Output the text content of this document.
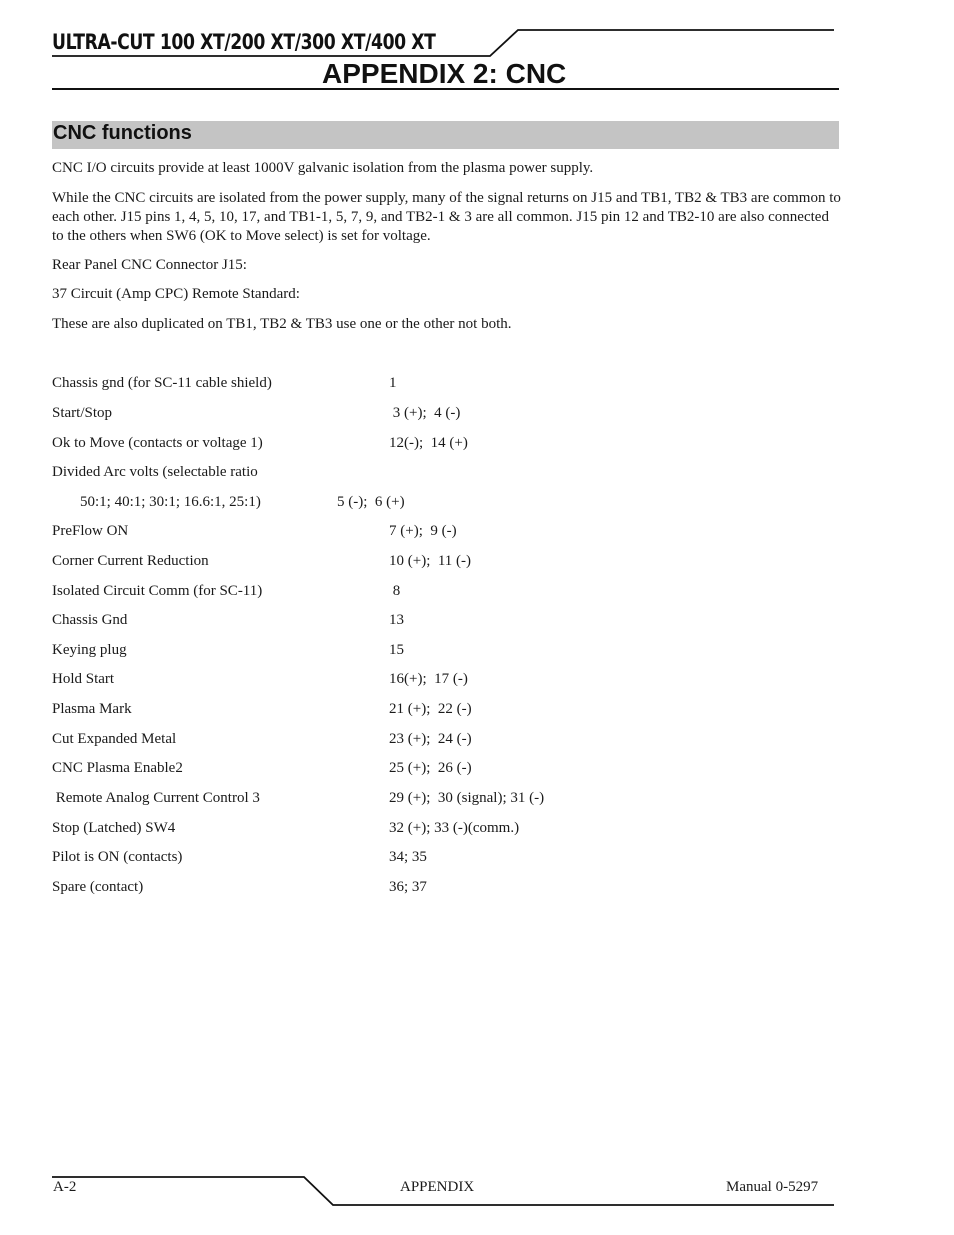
ULTRA-CUT 100 XT/200 XT/300 XT/400 XT
APPENDIX 2: CNC
CNC functions
CNC I/O circuits provide at least 1000V galvanic isolation from the plasma power supply.
While the CNC circuits are isolated from the power supply, many of the signal returns on J15 and TB1, TB2 & TB3 are common to each other. J15 pins 1, 4, 5, 10, 17, and TB1-1, 5, 7, 9, and TB2-1 & 3 are all common. J15 pin 12 and TB2-10 are also connected to the others when SW6 (OK to Move select) is set for voltage.
Rear Panel CNC Connector J15:
37 Circuit (Amp CPC) Remote Standard:
These are also duplicated on TB1, TB2 & TB3 use one or the other not both.
Chassis gnd (for SC-11 cable shield)	1
Start/Stop	3 (+);  4 (-)
Ok to Move (contacts or voltage 1)	12(-);  14 (+)
Divided Arc volts (selectable ratio
50:1; 40:1; 30:1; 16.6:1, 25:1)	5 (-);  6 (+)
PreFlow ON	7 (+);  9 (-)
Corner Current Reduction	10 (+);  11 (-)
Isolated Circuit Comm (for SC-11)	8
Chassis Gnd	13
Keying plug	15
Hold Start	16(+);  17 (-)
Plasma Mark	21 (+);  22 (-)
Cut Expanded Metal	23 (+);  24 (-)
CNC Plasma Enable2	25 (+);  26 (-)
Remote Analog Current Control 3	29 (+);  30 (signal); 31 (-)
Stop (Latched) SW4	32 (+); 33 (-)(comm.)
Pilot is ON (contacts)	34; 35
Spare (contact)	36; 37
A-2	APPENDIX	Manual 0-5297
